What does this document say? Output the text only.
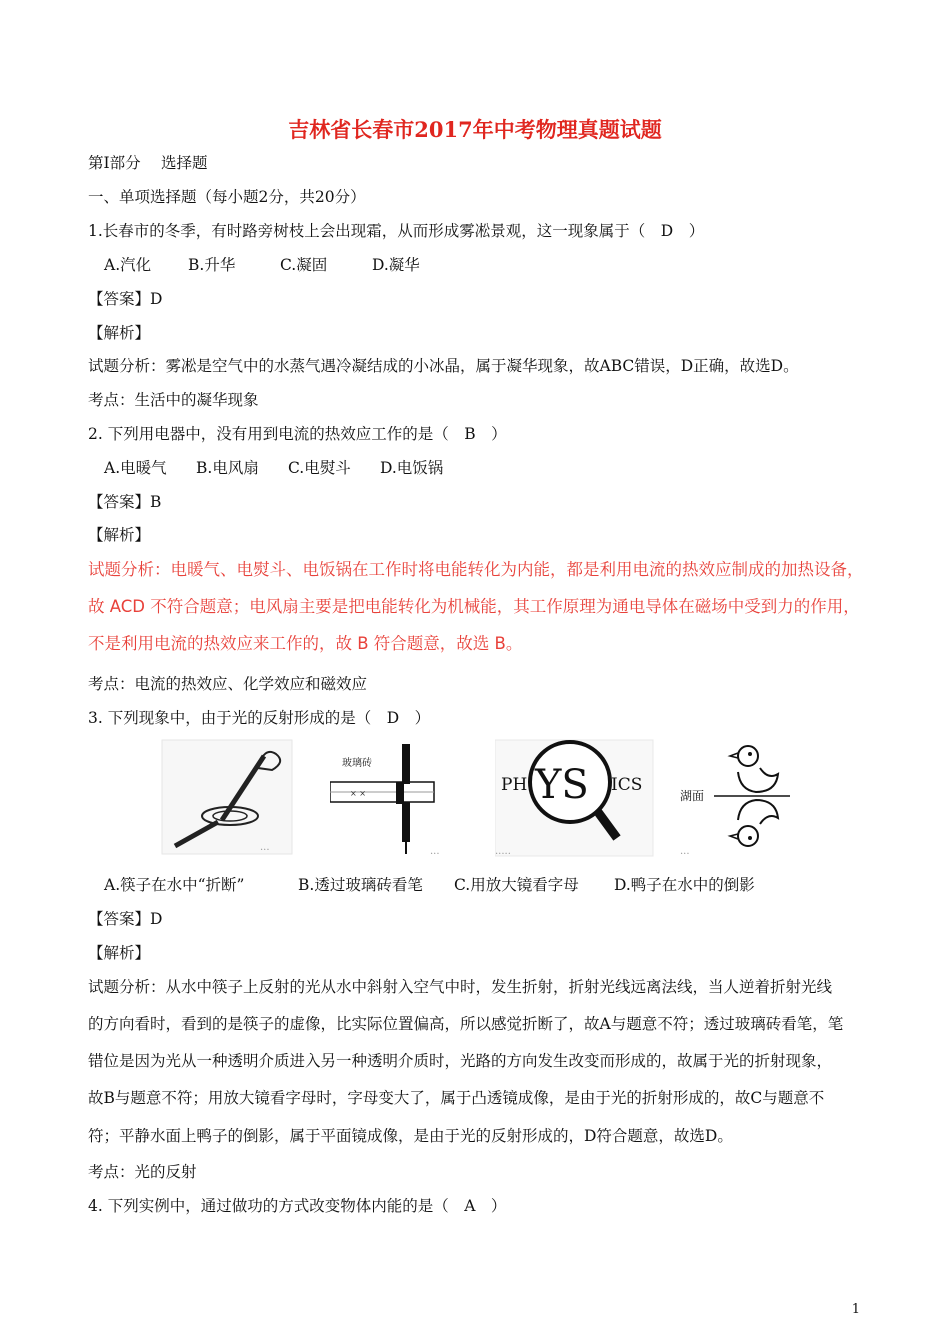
吉林省长春市2017年中考物理真题试题
第Ⅰ部分　 选择题
一、单项选择题（每小题2分，共20分）
1.长春市的冬季，有时路旁树枝上会出现霜，从而形成雾凇景观，这一现象属于（　D　）
A.汽化 B.升华	C.凝固	D.凝华
【答案】D
【解析】
试题分析：雾凇是空气中的水蒸气遇冷凝结成的小冰晶，属于凝华现象，故ABC错误，D正确，故选D。
考点：生活中的凝华现象
2. 下列用电器中，没有用到电流的热效应工作的是（　B　）
A.电暖气 B.电风扇 C.电熨斗 D.电饭锅
【答案】B
【解析】
试题分析：电暖气、电熨斗、电饭锅在工作时将电能转化为内能，都是利用电流的热效应制成的加热设备，
故 ACD 不符合题意；电风扇主要是把电能转化为机械能，其工作原理为通电导体在磁场中受到力的作用，
不是利用电流的热效应来工作的，故 B 符合题意，故选 B。
考点：电流的热效应、化学效应和磁效应
3. 下列现象中，由于光的反射形成的是（　D　）
...
玻璃砖
× ×
...
PH YS ICS
.....
湖面
...
A.筷子在水中“折断”	B.透过玻璃砖看笔 C.用放大镜看字母 D.鸭子在水中的倒影
【答案】D
【解析】
试题分析：从水中筷子上反射的光从水中斜射入空气中时，发生折射，折射光线远离法线，当人逆着折射光线
的方向看时，看到的是筷子的虚像，比实际位置偏高，所以感觉折断了，故A与题意不符；透过玻璃砖看笔，笔
错位是因为光从一种透明介质进入另一种透明介质时，光路的方向发生改变而形成的，故属于光的折射现象，
故B与题意不符；用放大镜看字母时，字母变大了，属于凸透镜成像，是由于光的折射形成的，故C与题意不
符；平静水面上鸭子的倒影，属于平面镜成像，是由于光的反射形成的，D符合题意，故选D。
考点：光的反射
4. 下列实例中，通过做功的方式改变物体内能的是（　A　）
1
